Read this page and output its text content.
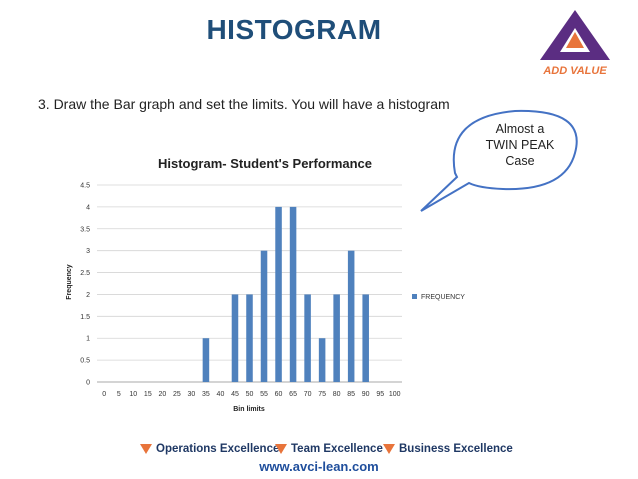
HISTOGRAM
ADD VALUE
3. Draw the Bar graph and set the limits. You will have a histogram
Almost a
TWIN PEAK
Case
Histogram- Student's Performance
0
0.5
1
1.5
2
2.5
3
3.5
4
4.5
0 5 10 15 20 25 30 35 40 45 50 55 60 65 70 75 80 85 90 95 100
Bin limits
Frequency	FREQUENCY
Operations Excellence	Team Excellence	Business Excellence
www.avci-lean.com
